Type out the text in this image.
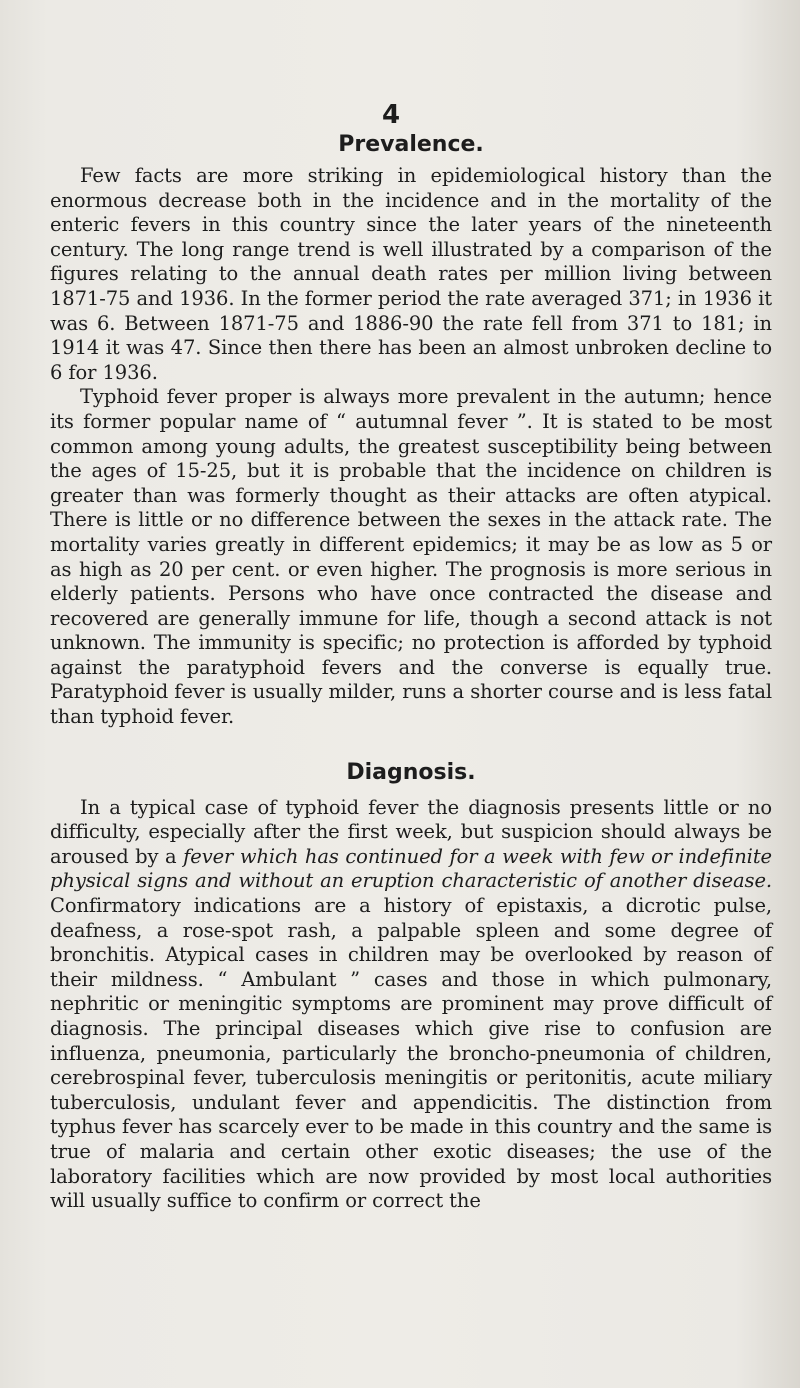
4
Prevalence.

Few facts are more striking in epidemiological history than the enormous decrease both in the incidence and in the mortality of the enteric fevers in this country since the later years of the nineteenth century. The long range trend is well illustrated by a comparison of the figures relating to the annual death rates per million living between 1871-75 and 1936. In the former period the rate averaged 371; in 1936 it was 6. Between 1871-75 and 1886-90 the rate fell from 371 to 181; in 1914 it was 47. Since then there has been an almost unbroken decline to 6 for 1936.

Typhoid fever proper is always more prevalent in the autumn; hence its former popular name of “ autumnal fever ”. It is stated to be most common among young adults, the greatest susceptibility being between the ages of 15-25, but it is probable that the incidence on children is greater than was formerly thought as their attacks are often atypical. There is little or no difference between the sexes in the attack rate. The mortality varies greatly in different epidemics; it may be as low as 5 or as high as 20 per cent. or even higher. The prognosis is more serious in elderly patients. Persons who have once contracted the disease and recovered are generally immune for life, though a second attack is not unknown. The immunity is specific; no protection is afforded by typhoid against the paratyphoid fevers and the converse is equally true. Paratyphoid fever is usually milder, runs a shorter course and is less fatal than typhoid fever.

Diagnosis.

In a typical case of typhoid fever the diagnosis presents little or no difficulty, especially after the first week, but suspicion should always be aroused by a fever which has continued for a week with few or indefinite physical signs and without an eruption characteristic of another disease. Confirmatory indications are a history of epistaxis, a dicrotic pulse, deafness, a rose-spot rash, a palpable spleen and some degree of bronchitis. Atypical cases in children may be overlooked by reason of their mildness. “ Ambulant ” cases and those in which pulmonary, nephritic or meningitic symptoms are prominent may prove difficult of diagnosis. The principal diseases which give rise to confusion are influenza, pneumonia, particularly the broncho-pneumonia of children, cerebrospinal fever, tuberculosis meningitis or peritonitis, acute miliary tuberculosis, undulant fever and appendicitis. The distinction from typhus fever has scarcely ever to be made in this country and the same is true of malaria and certain other exotic diseases; the use of the laboratory facilities which are now provided by most local authorities will usually suffice to confirm or correct the
